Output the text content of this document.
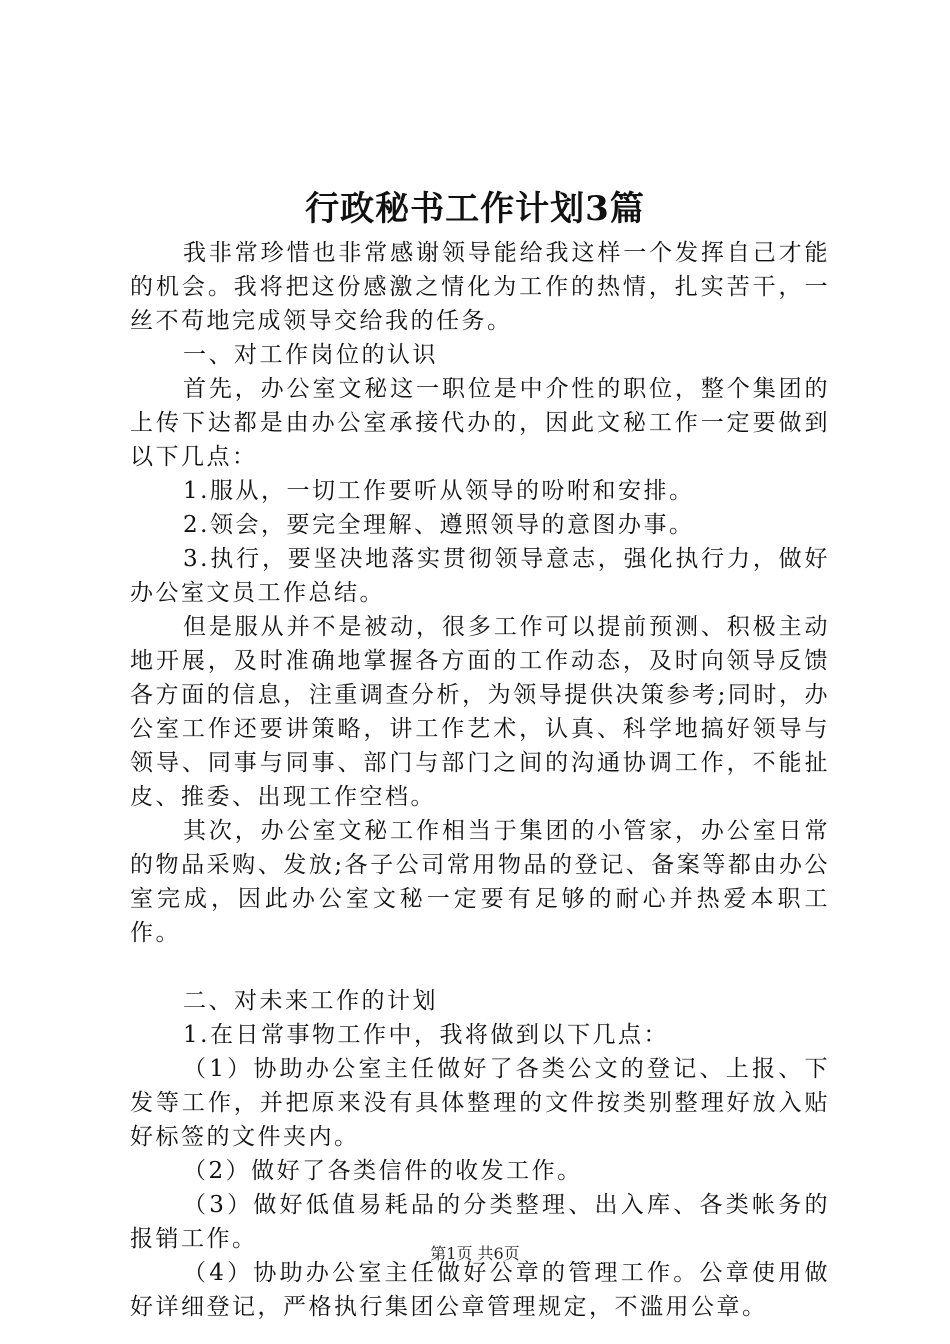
行政秘书工作计划3篇

我非常珍惜也非常感谢领导能给我这样一个发挥自己才能的机会。我将把这份感激之情化为工作的热情，扎实苦干，一丝不苟地完成领导交给我的任务。

一、对工作岗位的认识

首先，办公室文秘这一职位是中介性的职位，整个集团的上传下达都是由办公室承接代办的，因此文秘工作一定要做到以下几点：

1.服从，一切工作要听从领导的吩咐和安排。

2.领会，要完全理解、遵照领导的意图办事。

3.执行，要坚决地落实贯彻领导意志，强化执行力，做好办公室文员工作总结。

但是服从并不是被动，很多工作可以提前预测、积极主动地开展，及时准确地掌握各方面的工作动态，及时向领导反馈各方面的信息，注重调查分析，为领导提供决策参考;同时，办公室工作还要讲策略，讲工作艺术，认真、科学地搞好领导与领导、同事与同事、部门与部门之间的沟通协调工作，不能扯皮、推委、出现工作空档。

其次，办公室文秘工作相当于集团的小管家，办公室日常的物品采购、发放;各子公司常用物品的登记、备案等都由办公室完成，因此办公室文秘一定要有足够的耐心并热爱本职工作。

二、对未来工作的计划

1.在日常事物工作中，我将做到以下几点：

（1）协助办公室主任做好了各类公文的登记、上报、下发等工作，并把原来没有具体整理的文件按类别整理好放入贴好标签的文件夹内。

（2）做好了各类信件的收发工作。

（3）做好低值易耗品的分类整理、出入库、各类帐务的报销工作。

（4）协助办公室主任做好公章的管理工作。公章使用做好详细登记，严格执行集团公章管理规定，不滥用公章。

第1页 共6页
